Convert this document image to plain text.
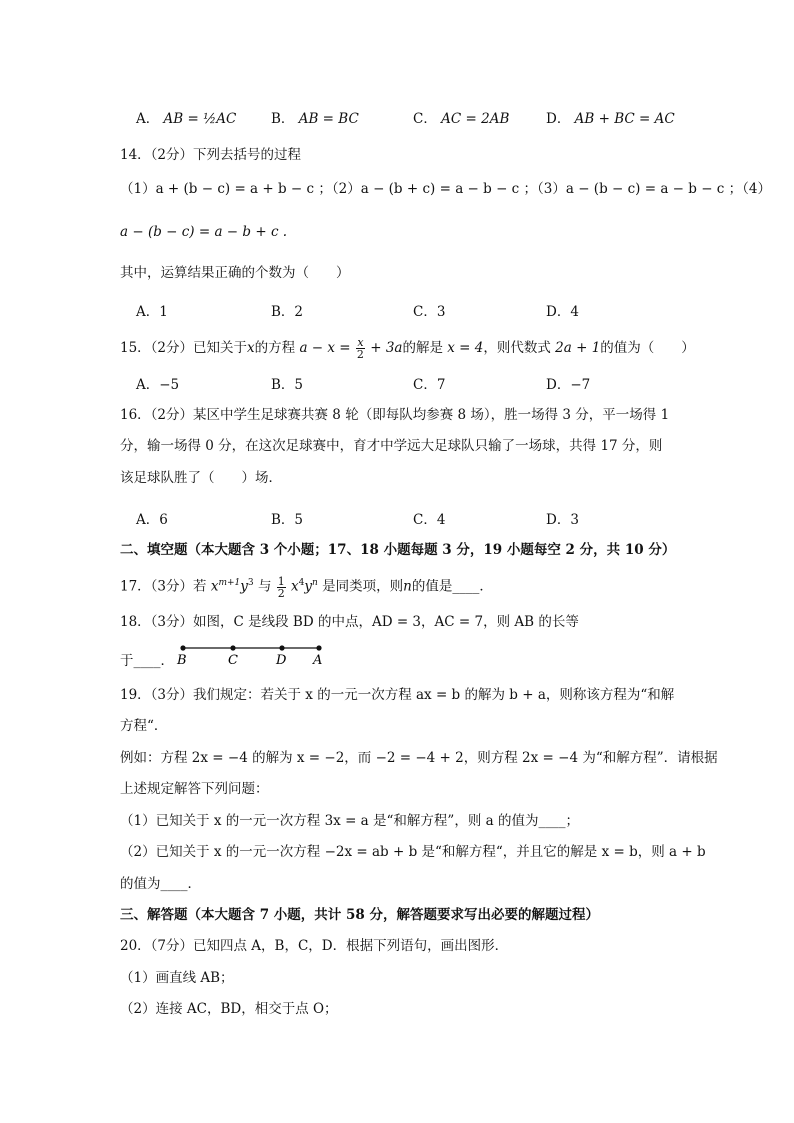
A． AB = ½AC	B． AB = BC	C． AC = 2AB	D． AB + BC = AC
14．（2分）下列去括号的过程
（1）a + (b − c) = a + b − c ；（2）a − (b + c) = a − b − c ；（3）a − (b − c) = a − b − c ；（4）
a − (b − c) = a − b + c .
其中，运算结果正确的个数为（　　）
A．1	B．2	C．3	D．4
15．（2分）已知关于x的方程 $a - x = \frac{x}{2} + 3a$的解是 x = 4，则代数式 2a + 1的值为（　　）
A．−5	B．5	C．7	D．−7
16．（2分）某区中学生足球赛共赛 8 轮（即每队均参赛 8 场），胜一场得 3 分，平一场得 1
分，输一场得 0 分，在这次足球赛中，育才中学远大足球队只输了一场球，共得 17 分，则
该足球队胜了（　　）场．
A．6	B．5	C．4	D．3
二、填空题（本大题含 3 个小题；17、18 小题每题 3 分，19 小题每空 2 分，共 10 分）
17．（3分）若 $x^{m+1}y^3$ 与 $\frac{1}{2} x^4y^n$ 是同类项，则n的值是____．
18．（3分）如图，C 是线段 BD 的中点，AD = 3，AC = 7，则 AB 的长等
于____． B	C	D A
19．（3分）我们规定：若关于 x 的一元一次方程 ax = b 的解为 b + a，则称该方程为“和解
方程“．
例如：方程 2x = −4 的解为 x = −2，而 −2 = −4 + 2，则方程 2x = −4 为“和解方程”．请根据
上述规定解答下列问题：
（1）已知关于 x 的一元一次方程 3x = a 是“和解方程”，则 a 的值为____；
（2）已知关于 x 的一元一次方程 −2x = ab + b 是“和解方程“，并且它的解是 x = b，则 a + b
的值为____．
三、解答题（本大题含 7 小题，共计 58 分，解答题要求写出必要的解题过程）
20．（7分）已知四点 A，B，C，D．根据下列语句，画出图形．
（1）画直线 AB；
（2）连接 AC，BD，相交于点 O；
